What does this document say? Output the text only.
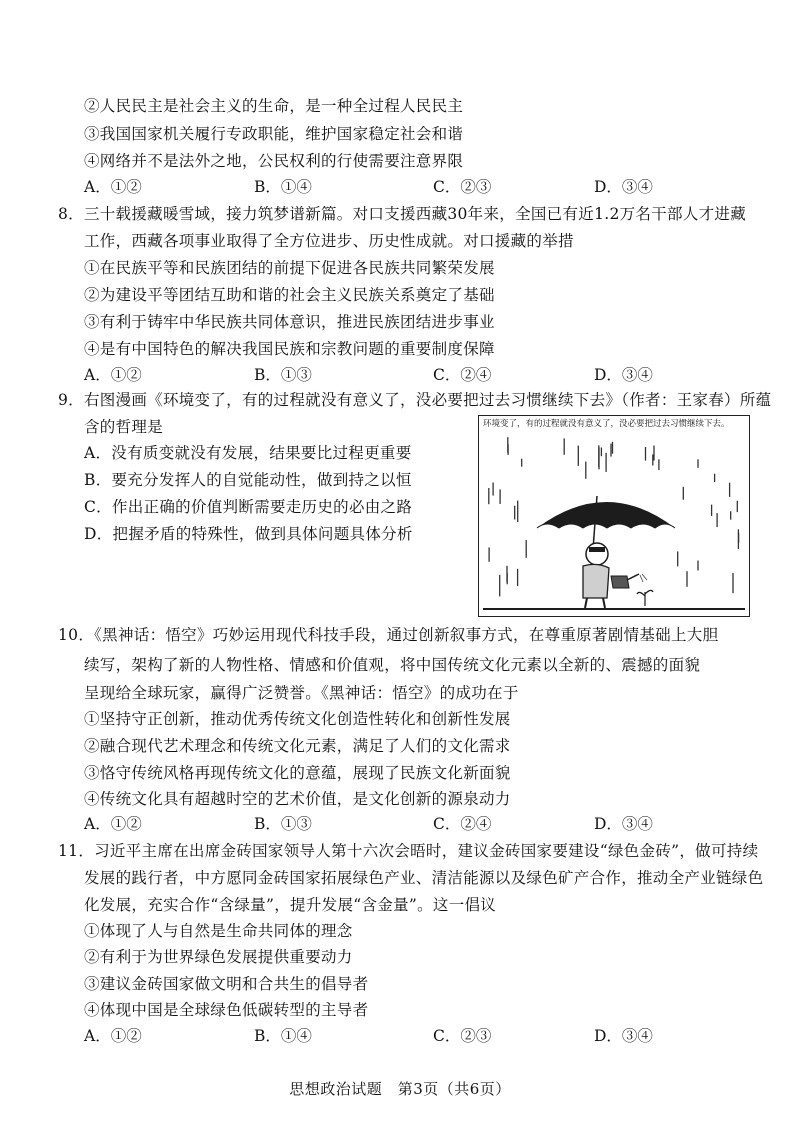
②人民民主是社会主义的生命，是一种全过程人民民主
③我国国家机关履行专政职能，维护国家稳定社会和谐
④网络并不是法外之地，公民权利的行使需要注意界限
A．①②	B．①④	C．②③	D．③④
8．三十载援藏暖雪域，接力筑梦谱新篇。对口支援西藏30年来，全国已有近1.2万名干部人才进藏
工作，西藏各项事业取得了全方位进步、历史性成就。对口援藏的举措
①在民族平等和民族团结的前提下促进各民族共同繁荣发展
②为建设平等团结互助和谐的社会主义民族关系奠定了基础
③有利于铸牢中华民族共同体意识，推进民族团结进步事业
④是有中国特色的解决我国民族和宗教问题的重要制度保障
A．①②	B．①③	C．②④	D．③④
9．右图漫画《环境变了，有的过程就没有意义了，没必要把过去习惯继续下去》（作者：王家春）所蕴
含的哲理是
A．没有质变就没有发展，结果要比过程更重要
B．要充分发挥人的自觉能动性，做到持之以恒
C．作出正确的价值判断需要走历史的必由之路
D．把握矛盾的特殊性，做到具体问题具体分析
环境变了，有的过程就没有意义了，没必要把过去习惯继续下去。
10．《黑神话：悟空》巧妙运用现代科技手段，通过创新叙事方式，在尊重原著剧情基础上大胆
续写，架构了新的人物性格、情感和价值观，将中国传统文化元素以全新的、震撼的面貌
呈现给全球玩家，赢得广泛赞誉。《黑神话：悟空》的成功在于
①坚持守正创新，推动优秀传统文化创造性转化和创新性发展
②融合现代艺术理念和传统文化元素，满足了人们的文化需求
③恪守传统风格再现传统文化的意蕴，展现了民族文化新面貌
④传统文化具有超越时空的艺术价值，是文化创新的源泉动力
A．①②	B．①③	C．②④	D．③④
11．习近平主席在出席金砖国家领导人第十六次会晤时，建议金砖国家要建设“绿色金砖”，做可持续
发展的践行者，中方愿同金砖国家拓展绿色产业、清洁能源以及绿色矿产合作，推动全产业链绿色
化发展，充实合作“含绿量”，提升发展“含金量”。这一倡议
①体现了人与自然是生命共同体的理念
②有利于为世界绿色发展提供重要动力
③建议金砖国家做文明和合共生的倡导者
④体现中国是全球绿色低碳转型的主导者
A．①②	B．①④	C．②③	D．③④
思想政治试题　第3页（共6页）
